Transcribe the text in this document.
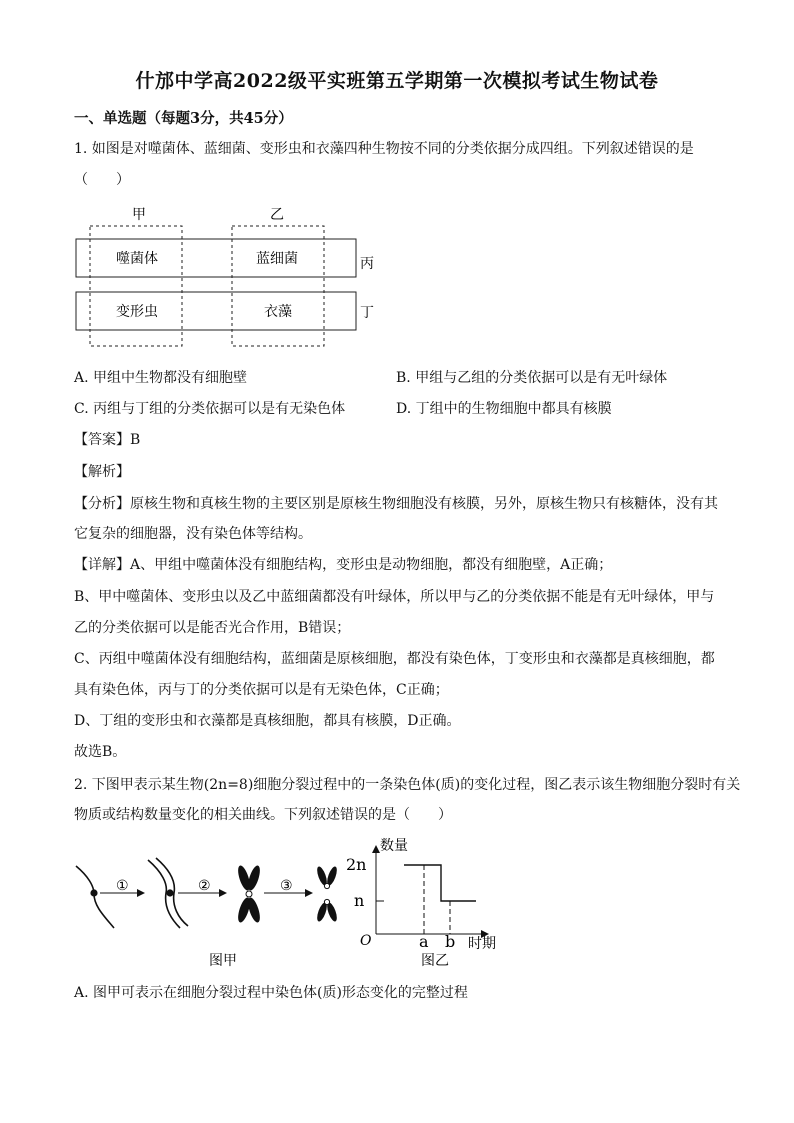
什邡中学高2022级平实班第五学期第一次模拟考试生物试卷
一、单选题（每题3分，共45分）
1. 如图是对噬菌体、蓝细菌、变形虫和衣藻四种生物按不同的分类依据分成四组。下列叙述错误的是
（　　）
甲	乙
噬菌体	蓝细菌
变形虫	衣藻
丙
丁
A. 甲组中生物都没有细胞壁	B. 甲组与乙组的分类依据可以是有无叶绿体
C. 丙组与丁组的分类依据可以是有无染色体	D. 丁组中的生物细胞中都具有核膜
【答案】B
【解析】
【分析】原核生物和真核生物的主要区别是原核生物细胞没有核膜，另外，原核生物只有核糖体，没有其
它复杂的细胞器，没有染色体等结构。
【详解】A、甲组中噬菌体没有细胞结构，变形虫是动物细胞，都没有细胞壁，A正确；
B、甲中噬菌体、变形虫以及乙中蓝细菌都没有叶绿体，所以甲与乙的分类依据不能是有无叶绿体，甲与
乙的分类依据可以是能否光合作用，B错误；
C、丙组中噬菌体没有细胞结构，蓝细菌是原核细胞，都没有染色体，丁变形虫和衣藻都是真核细胞，都
具有染色体，丙与丁的分类依据可以是有无染色体，C正确；
D、丁组的变形虫和衣藻都是真核细胞，都具有核膜，D正确。
故选B。
2. 下图甲表示某生物(2n=8)细胞分裂过程中的一条染色体(质)的变化过程，图乙表示该生物细胞分裂时有关
物质或结构数量变化的相关曲线。下列叙述错误的是（　　）
①	②	③
图甲
数量
2n
n
O	a b 时期
图乙
A. 图甲可表示在细胞分裂过程中染色体(质)形态变化的完整过程
